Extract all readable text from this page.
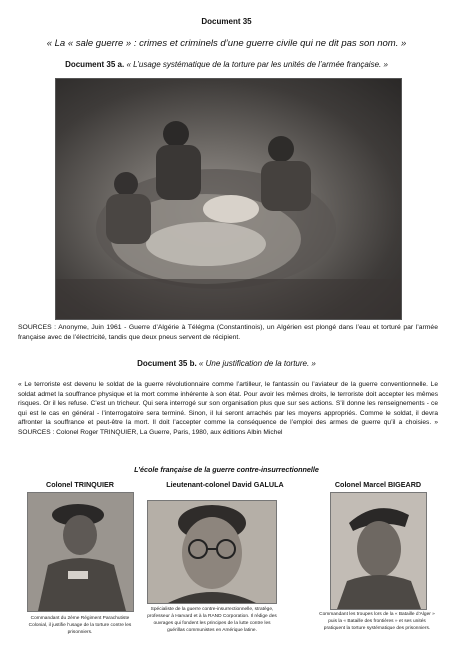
Document 35
« La « sale guerre » : crimes et criminels d’une guerre civile qui ne dit pas son nom. »
Document 35 a. « L’usage systématique de la torture par les unités de l’armée française. »
SOURCES : Anonyme, Juin 1961 - Guerre d’Algérie à Télégma (Constantinois), un Algérien est plongé dans l’eau et torturé par l’armée française avec de l’électricité, tandis que deux pneus servent de récipient.
Document 35 b. « Une justification de la torture. »
« Le terroriste est devenu le soldat de la guerre révolutionnaire comme l’artilleur, le fantassin ou l’aviateur de la guerre conventionnelle. Le soldat admet la souffrance physique et la mort comme inhérente à son état. Pour avoir les mêmes droits, le terroriste doit accepter les mêmes risques. Or il les refuse. C’est un tricheur. Qui sera interrogé sur son organisation plus que sur ses actions. S’il donne les renseignements - ce qui est le cas en général - l’interrogatoire sera terminé. Sinon, il lui seront arrachés par les moyens appropriés. Comme le soldat, il devra affronter la souffrance et peut-être la mort. Il doit l’accepter comme la conséquence de l’emploi des armes de guerre qu’il a choisies. » SOURCES : Colonel Roger TRINQUIER, La Guerre, Paris, 1980, aux éditions Albin Michel
L’école française de la guerre contre-insurrectionnelle
Colonel TRINQUIER
Commandant du 2ème Régiment Parachutiste Colonial, il justifie l’usage de la torture contre les prisonniers.
Lieutenant-colonel David GALULA
Spécialiste de la guerre contre-insurrectionnelle, stratège, professeur à Harvard et à la RAND Corporation. Il rédige des ouvrages qui fondent les principes de la lutte contre les guérillas communistes en Amérique latine.
Colonel Marcel BIGEARD
Commandant les troupes lors de la « Bataille d’Alger » puis la « Bataille des frontières » et ses unités pratiquent la torture systématique des prisonniers.
